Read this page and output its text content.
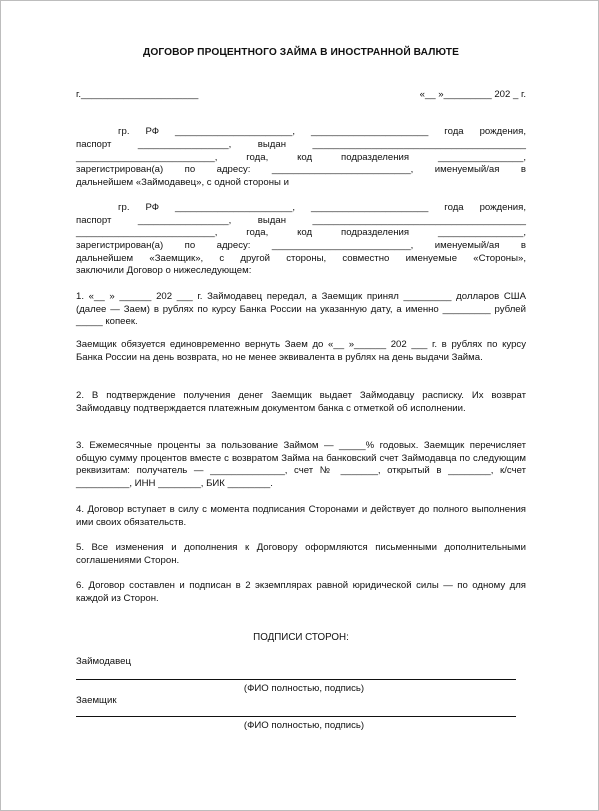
ДОГОВОР ПРОЦЕНТНОГО ЗАЙМА В ИНОСТРАННОЙ ВАЛЮТЕ
г.______________________	«__ »_________ 202 _ г.
гр. РФ ______________________, ______________________ года рождения,
паспорт _________________, выдан ________________________________________
__________________________, года, код подразделения ________________,
зарегистрирован(а) по адресу: __________________________, именуемый/ая в
дальнейшем «Займодавец», с одной стороны и
гр. РФ ______________________, ______________________ года рождения,
паспорт _________________, выдан ________________________________________
__________________________, года, код подразделения ________________,
зарегистрирован(а) по адресу: __________________________, именуемый/ая в
дальнейшем «Заемщик», с другой стороны, совместно именуемые «Стороны»,
заключили Договор о нижеследующем:
1. «__ » ______ 202 ___ г. Займодавец передал, а Заемщик принял _________ долларов США (далее — Заем) в рублях по курсу Банка России на указанную дату, а именно _________ рублей _____ копеек.
Заемщик обязуется единовременно вернуть Заем до «__ »______ 202 ___ г. в рублях по курсу Банка России на день возврата, но не менее эквивалента в рублях на день выдачи Займа.
2. В подтверждение получения денег Заемщик выдает Займодавцу расписку. Их возврат Займодавцу подтверждается платежным документом банка с отметкой об исполнении.
3. Ежемесячные проценты за пользование Займом — _____% годовых. Заемщик перечисляет общую сумму процентов вместе с возвратом Займа на банковский счет Займодавца по следующим реквизитам: получатель — ______________, счет № _______, открытый в ________, к/счет __________, ИНН ________, БИК ________.
4. Договор вступает в силу с момента подписания Сторонами и действует до полного выполнения ими своих обязательств.
5. Все изменения и дополнения к Договору оформляются письменными дополнительными соглашениями Сторон.
6. Договор составлен и подписан в 2 экземплярах равной юридической силы — по одному для каждой из Сторон.
ПОДПИСИ СТОРОН:
Займодавец
(ФИО полностью, подпись)
Заемщик
(ФИО полностью, подпись)
